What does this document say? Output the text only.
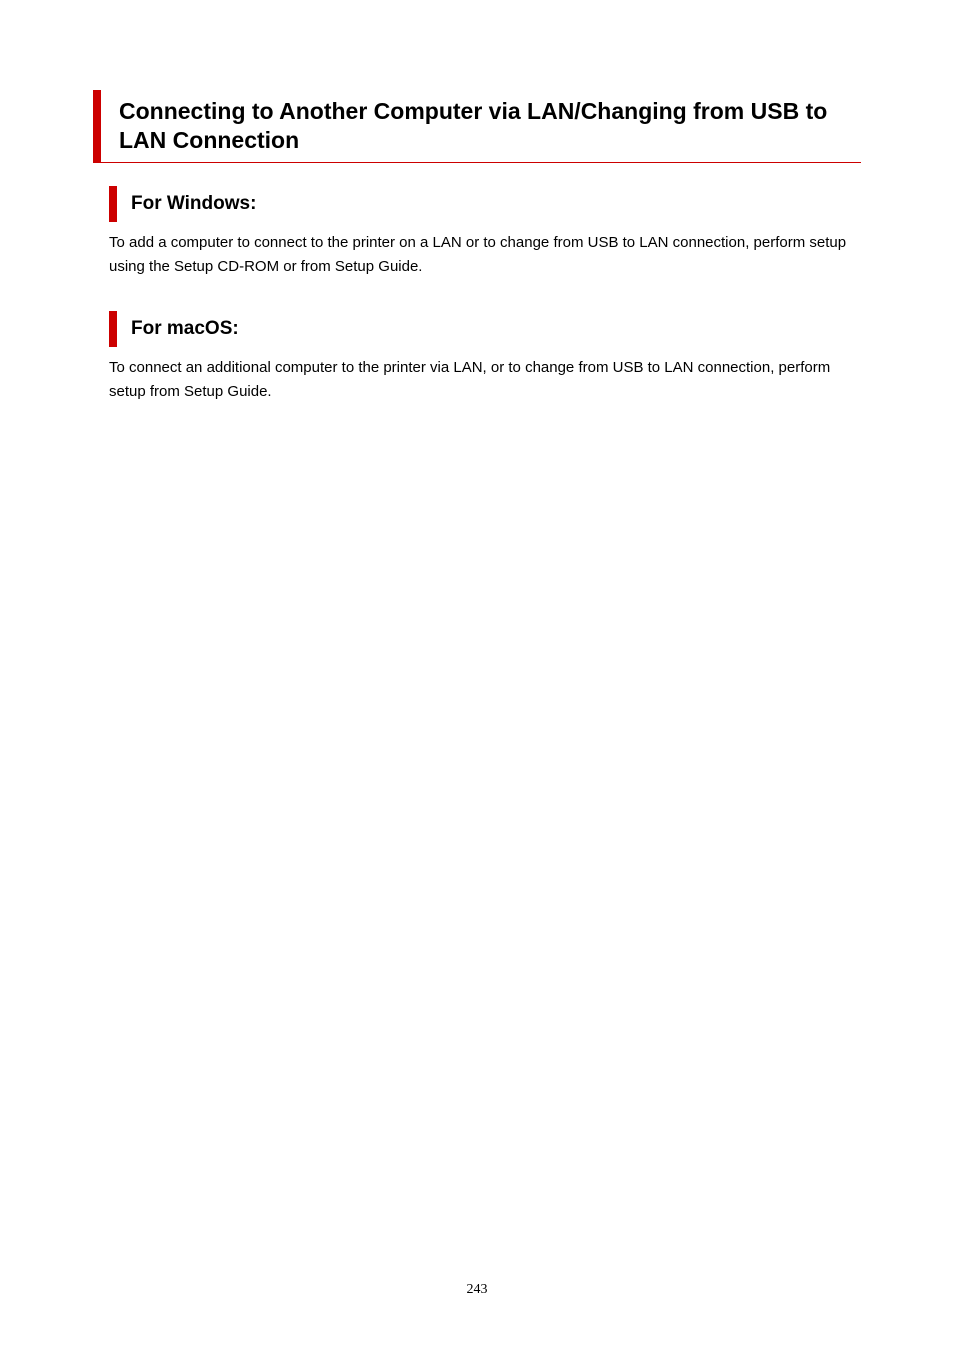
Connecting to Another Computer via LAN/Changing from USB to LAN Connection
For Windows:

To add a computer to connect to the printer on a LAN or to change from USB to LAN connection, perform setup using the Setup CD-ROM or from Setup Guide.

For macOS:

To connect an additional computer to the printer via LAN, or to change from USB to LAN connection, perform setup from Setup Guide.

243
